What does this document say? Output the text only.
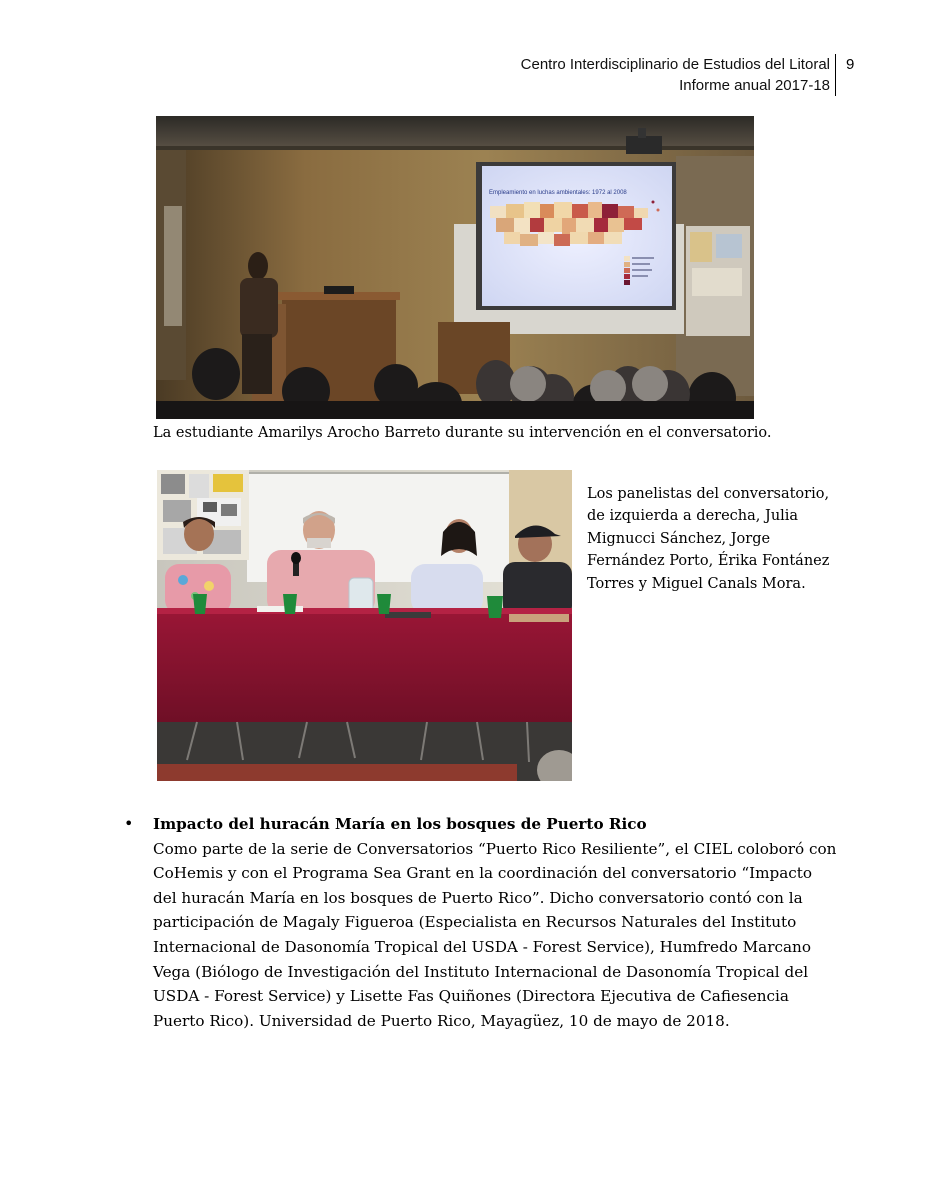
Centro Interdisciplinario de Estudios del Litoral
Informe anual 2017-18
9
Empleamiento en luchas ambientales: 1972 al 2008
La estudiante Amarilys Arocho Barreto durante su intervención en el conversatorio.
Los panelistas del conversatorio,
de izquierda a derecha, Julia
Mignucci Sánchez, Jorge
Fernández Porto, Érika Fontánez
Torres y Miguel Canals Mora.
• Impacto del huracán María en los bosques de Puerto Rico
Como parte de la serie de Conversatorios “Puerto Rico Resiliente”, el CIEL coloboró con
CoHemis y con el Programa Sea Grant en la coordinación del conversatorio “Impacto
del huracán María en los bosques de Puerto Rico”. Dicho conversatorio contó con la
participación de Magaly Figueroa (Especialista en Recursos Naturales del Instituto
Internacional de Dasonomía Tropical del USDA - Forest Service), Humfredo Marcano
Vega (Biólogo de Investigación del Instituto Internacional de Dasonomía Tropical del
USDA - Forest Service) y Lisette Fas Quiñones (Directora Ejecutiva de Cafiesencia
Puerto Rico). Universidad de Puerto Rico, Mayagüez, 10 de mayo de 2018.
